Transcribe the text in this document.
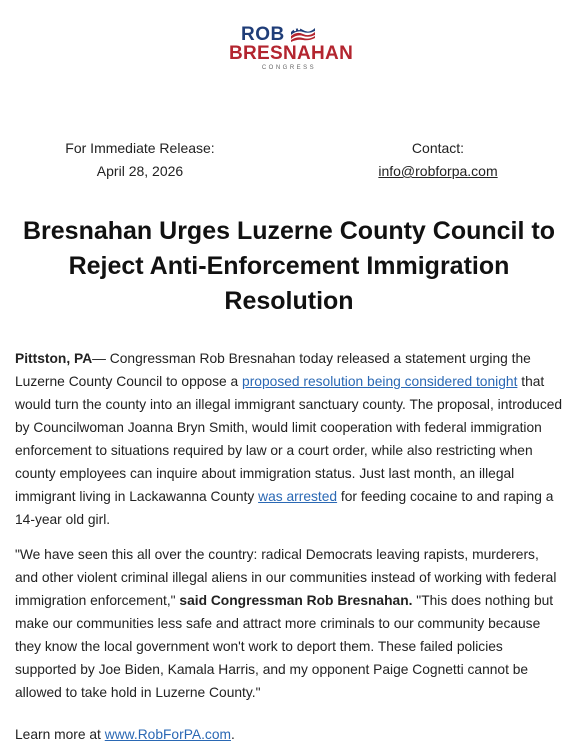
ROB
BRESNAHAN
CONGRESS
For Immediate Release:
April 28, 2026
Contact:
info@robforpa.com
Bresnahan Urges Luzerne County Council to Reject Anti-Enforcement Immigration Resolution

Pittston, PA— Congressman Rob Bresnahan today released a statement urging the Luzerne County Council to oppose a proposed resolution being considered tonight that would turn the county into an illegal immigrant sanctuary county. The proposal, introduced by Councilwoman Joanna Bryn Smith, would limit cooperation with federal immigration enforcement to situations required by law or a court order, while also restricting when county employees can inquire about immigration status. Just last month, an illegal immigrant living in Lackawanna County was arrested for feeding cocaine to and raping a 14-year old girl.

"We have seen this all over the country: radical Democrats leaving rapists, murderers, and other violent criminal illegal aliens in our communities instead of working with federal immigration enforcement," said Congressman Rob Bresnahan. "This does nothing but make our communities less safe and attract more criminals to our community because they know the local government won't work to deport them. These failed policies supported by Joe Biden, Kamala Harris, and my opponent Paige Cognetti cannot be allowed to take hold in Luzerne County."

Learn more at www.RobForPA.com.
